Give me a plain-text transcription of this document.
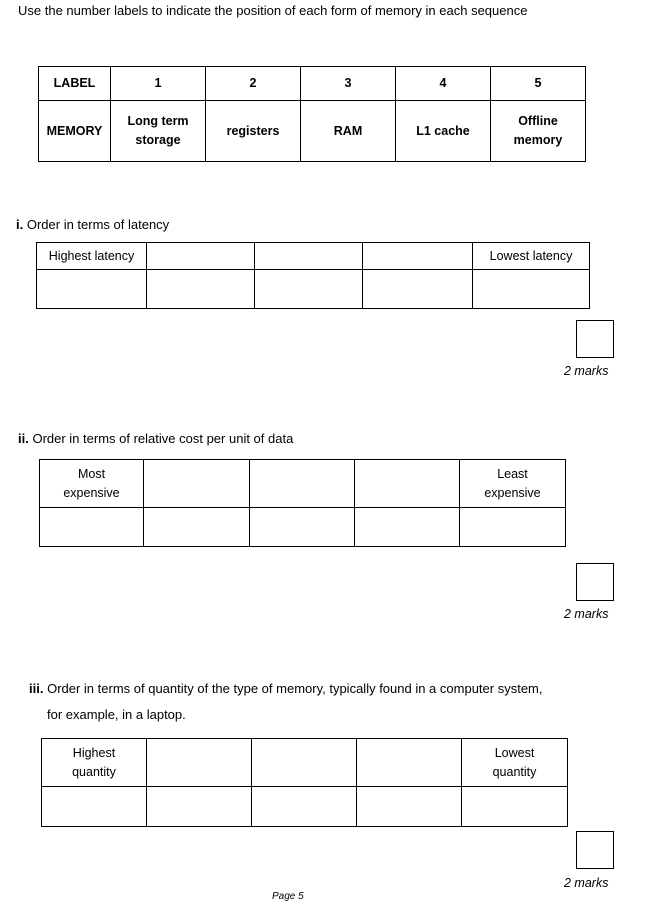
Use the number labels to indicate the position of each form of memory in each sequence
LABEL	1	2	3	4	5
MEMORY	Long term storage	registers	RAM	L1 cache	Offline memory
i. Order in terms of latency
Highest latency				Lowest latency

2 marks
ii. Order in terms of relative cost per unit of data
Most expensive				Least expensive

2 marks
iii. Order in terms of quantity of the type of memory, typically found in a computer system,
for example, in a laptop.
Highest quantity				Lowest quantity

2 marks
Page 5
